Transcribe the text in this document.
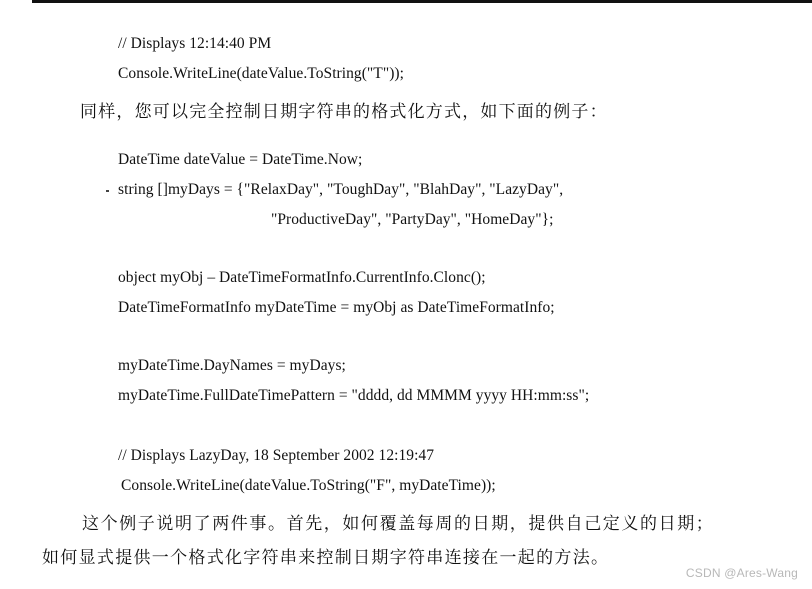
// Displays 12:14:40 PM
Console.WriteLine(dateValue.ToString("T"));
同样，您可以完全控制日期字符串的格式化方式，如下面的例子：
DateTime dateValue = DateTime.Now;
string []myDays = {"RelaxDay", "ToughDay", "BlahDay", "LazyDay",
"ProductiveDay", "PartyDay", "HomeDay"};
object myObj – DateTimeFormatInfo.CurrentInfo.Clonc();
DateTimeFormatInfo myDateTime = myObj as DateTimeFormatInfo;
myDateTime.DayNames = myDays;
myDateTime.FullDateTimePattern = "dddd, dd MMMM yyyy HH:mm:ss";
// Displays LazyDay, 18 September 2002 12:19:47
Console.WriteLine(dateValue.ToString("F", myDateTime));
这个例子说明了两件事。首先，如何覆盖每周的日期，提供自己定义的日期；
如何显式提供一个格式化字符串来控制日期字符串连接在一起的方法。
CSDN @Ares-Wang
